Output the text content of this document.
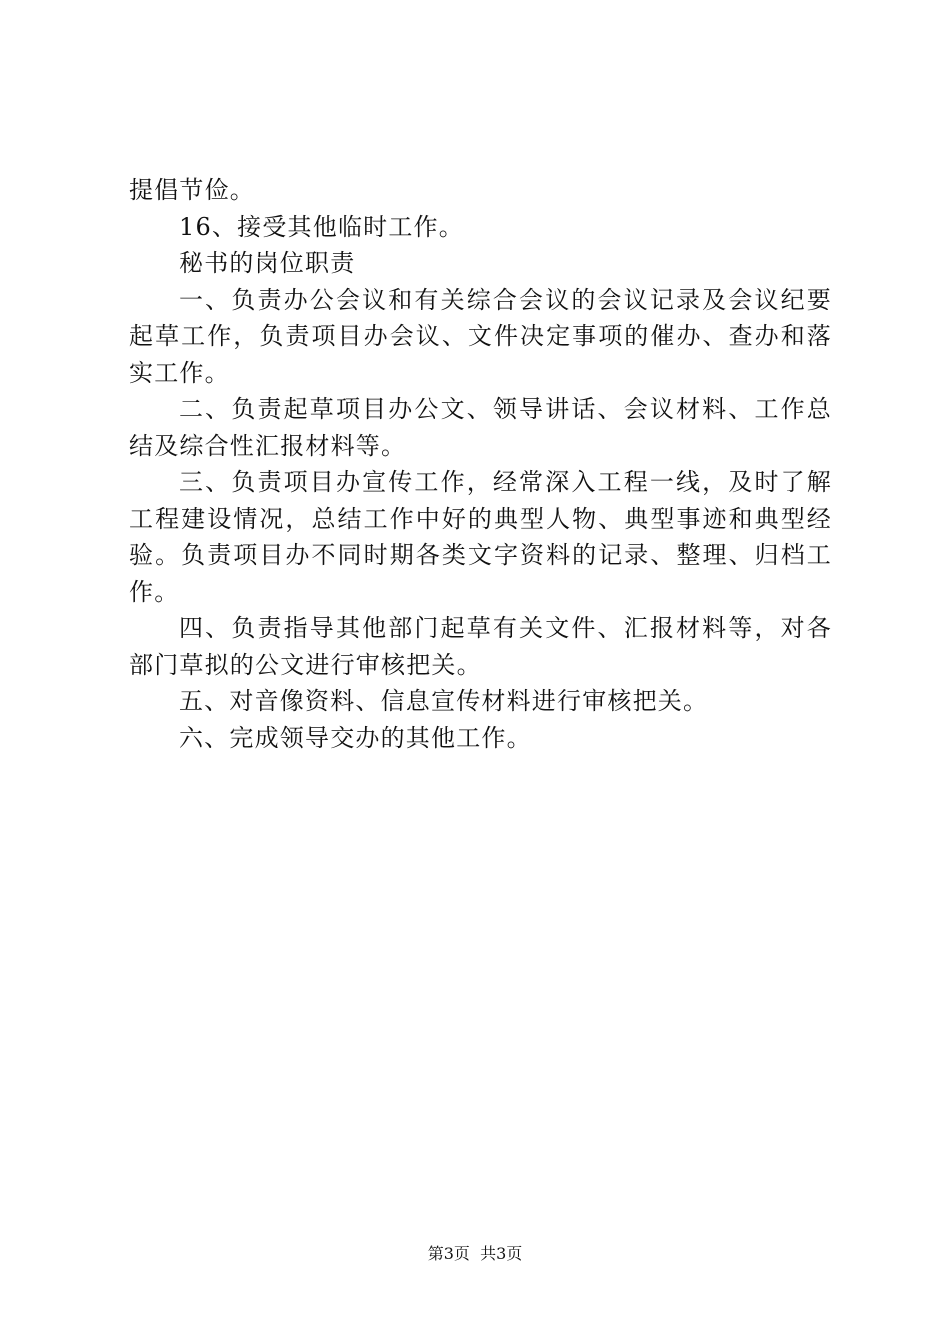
提倡节俭。

16、接受其他临时工作。

秘书的岗位职责

一、负责办公会议和有关综合会议的会议记录及会议纪要起草工作，负责项目办会议、文件决定事项的催办、查办和落实工作。

二、负责起草项目办公文、领导讲话、会议材料、工作总结及综合性汇报材料等。

三、负责项目办宣传工作，经常深入工程一线，及时了解工程建设情况，总结工作中好的典型人物、典型事迹和典型经验。负责项目办不同时期各类文字资料的记录、整理、归档工作。

四、负责指导其他部门起草有关文件、汇报材料等，对各部门草拟的公文进行审核把关。

五、对音像资料、信息宣传材料进行审核把关。

六、完成领导交办的其他工作。

第3页  共3页
